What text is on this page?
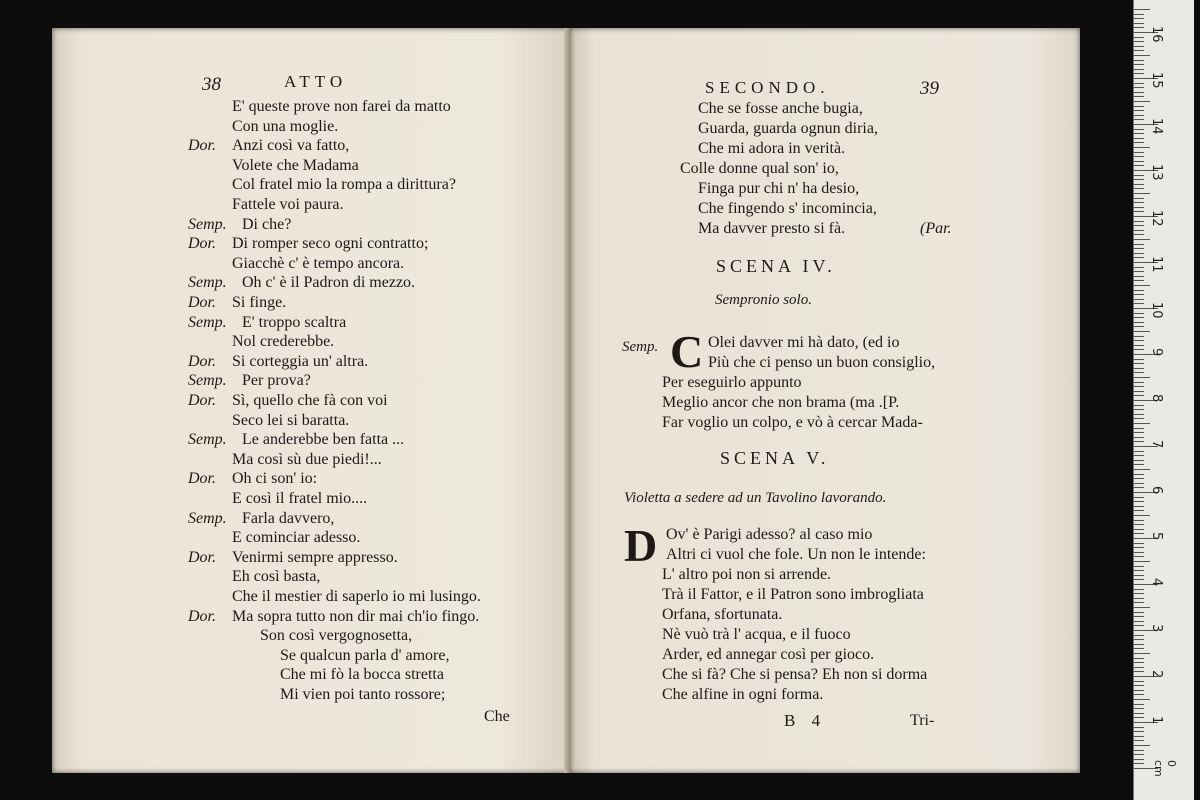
38	ATTO
E' queste prove non farei da matto
Con una moglie.
Dor. Anzi così va fatto,
Volete che Madama
Col fratel mio la rompa a dirittura?
Fattele voi paura.
Semp. Di che?
Dor. Di romper seco ogni contratto;
Giacchè c' è tempo ancora.
Semp. Oh c' è il Padron di mezzo.
Dor. Si finge.
Semp. E' troppo scaltra
Nol crederebbe.
Dor. Si corteggia un' altra.
Semp. Per prova?
Dor. Sì, quello che fà con voi
Seco lei si baratta.
Semp. Le anderebbe ben fatta ...
Ma così sù due piedi!...
Dor. Oh ci son' io:
E così il fratel mio....
Semp. Farla davvero,
E cominciar adesso.
Dor. Venirmi sempre appresso.
Eh così basta,
Che il mestier di saperlo io mi lusingo.
Dor. Ma sopra tutto non dir mai ch'io fingo.
Son così vergognosetta,
Se qualcun parla d' amore,
Che mi fò la bocca stretta
Mi vien poi tanto rossore;
Che
SECONDO.	39
Che se fosse anche bugia,
Guarda, guarda ognun diria,
Che mi adora in verità.
Colle donne qual son' io,
Finga pur chi n' ha desio,
Che fingendo s' incomincia,
Ma davver presto si fà.	(Par.
SCENA IV.
Sempronio solo.
Semp. C Olei davver mi hà dato, (ed io
Più che ci penso un buon consiglio,
Per eseguirlo appunto
Meglio ancor che non brama (ma .[P.
Far voglio un colpo, e vò à cercar Mada-
SCENA V.
Violetta a sedere ad un Tavolino lavorando.
D Ov' è Parigi adesso? al caso mio
Altri ci vuol che fole. Un non le intende:
L' altro poi non si arrende.
Trà il Fattor, e il Patron sono imbrogliata
Orfana, sfortunata.
Nè vuò trà l' acqua, e il fuoco
Arder, ed annegar così per gioco.
Che si fà? Che si pensa? Eh non si dorma
Che alfine in ogni forma.
B 4	Tri-	1
2
3
4
5
6
7
8
9
10
11
12
13
14
15
16
0 cm
